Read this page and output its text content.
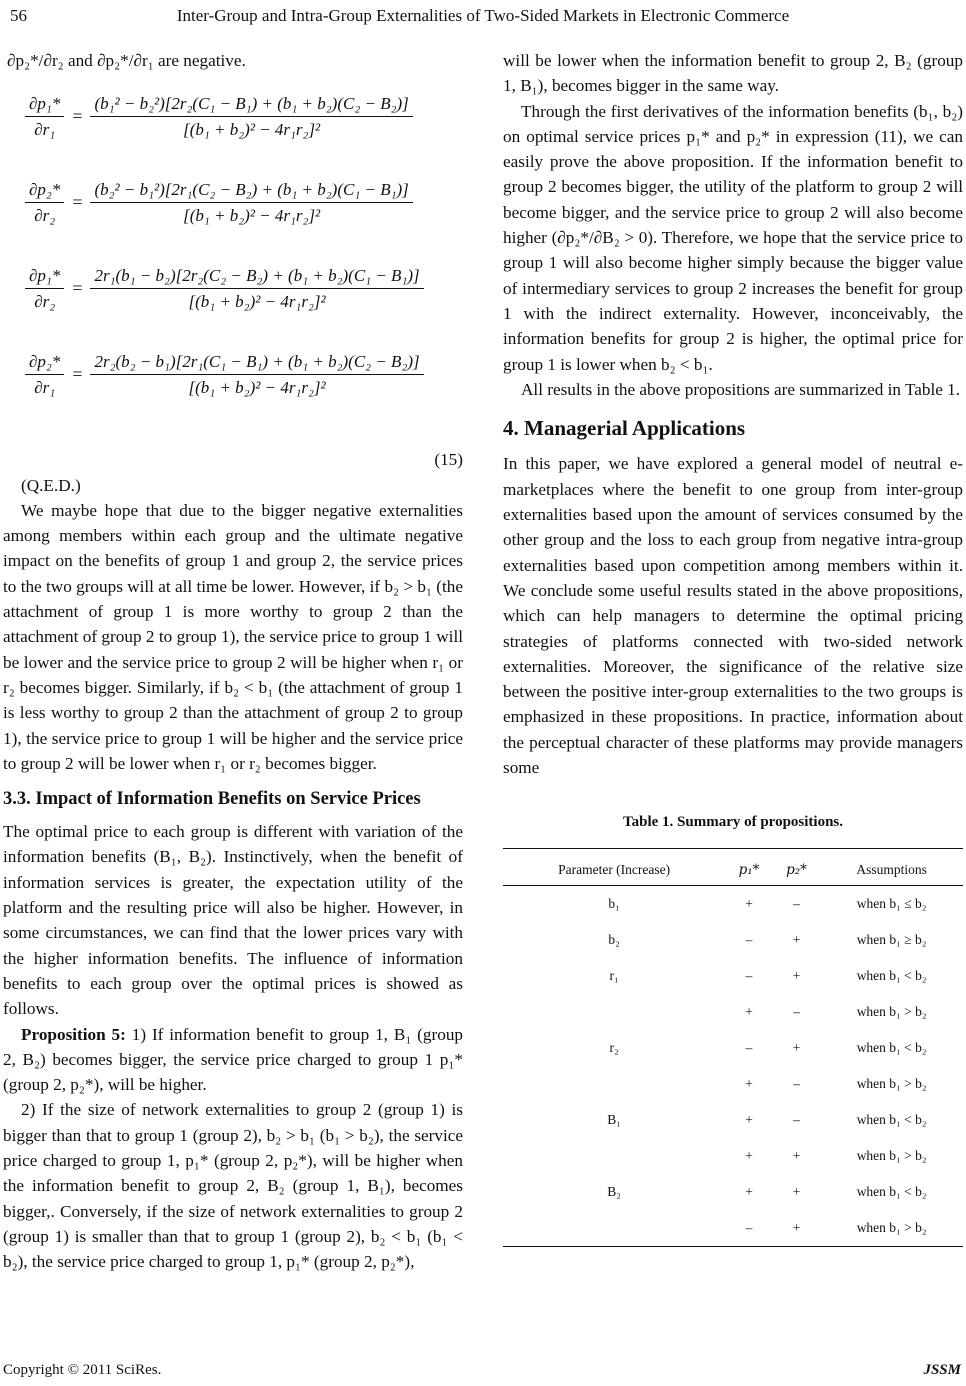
56	Inter-Group and Intra-Group Externalities of Two-Sided Markets in Electronic Commerce

∂p₂*/∂r₂ and ∂p₂*/∂r₁ are negative.

$\frac{\text{∂p₁*}}{\text{∂r₁}} = \frac{\text{(b₁² − b₂²)[2r₂(C₁ − B₁) + (b₁ + b₂)(C₂ − B₂)]}}{\text{[(b₁ + b₂)² − 4r₁r₂]²}}$
$\frac{\text{∂p₂*}}{\text{∂r₂}} = \frac{\text{(b₂² − b₁²)[2r₁(C₂ − B₂) + (b₁ + b₂)(C₁ − B₁)]}}{\text{[(b₁ + b₂)² − 4r₁r₂]²}}$
$\frac{\text{∂p₁*}}{\text{∂r₂}} = \frac{\text{2r₁(b₁ − b₂)[2r₂(C₂ − B₂) + (b₁ + b₂)(C₁ − B₁)]}}{\text{[(b₁ + b₂)² − 4r₁r₂]²}}$
$\frac{\text{∂p₂*}}{\text{∂r₁}} = \frac{\text{2r₂(b₂ − b₁)[2r₁(C₁ − B₁) + (b₁ + b₂)(C₂ − B₂)]}}{\text{[(b₁ + b₂)² − 4r₁r₂]²}}$

(15)

(Q.E.D.)

We maybe hope that due to the bigger negative externalities among members within each group and the ultimate negative impact on the benefits of group 1 and group 2, the service prices to the two groups will at all time be lower. However, if b₂ > b₁ (the attachment of group 1 is more worthy to group 2 than the attachment of group 2 to group 1), the service price to group 1 will be lower and the service price to group 2 will be higher when r₁ or r₂ becomes bigger. Similarly, if b₂ < b₁ (the attachment of group 1 is less worthy to group 2 than the attachment of group 2 to group 1), the service price to group 1 will be higher and the service price to group 2 will be lower when r₁ or r₂ becomes bigger.

3.3. Impact of Information Benefits on Service Prices

The optimal price to each group is different with variation of the information benefits (B₁, B₂). Instinctively, when the benefit of information services is greater, the expectation utility of the platform and the resulting price will also be higher. However, in some circumstances, we can find that the lower prices vary with the higher information benefits. The influence of information benefits to each group over the optimal prices is showed as follows.

Proposition 5: 1) If information benefit to group 1, B₁ (group 2, B₂) becomes bigger, the service price charged to group 1 p₁* (group 2, p₂*), will be higher.

2) If the size of network externalities to group 2 (group 1) is bigger than that to group 1 (group 2), b₂ > b₁ (b₁ > b₂), the service price charged to group 1, p₁* (group 2, p₂*), will be higher when the information benefit to group 2, B₂ (group 1, B₁), becomes bigger,. Conversely, if the size of network externalities to group 2 (group 1) is smaller than that to group 1 (group 2), b₂ < b₁ (b₁ < b₂), the service price charged to group 1, p₁* (group 2, p₂*),

will be lower when the information benefit to group 2, B₂ (group 1, B₁), becomes bigger in the same way.

Through the first derivatives of the information benefits (b₁, b₂) on optimal service prices p₁* and p₂* in expression (11), we can easily prove the above proposition. If the information benefit to group 2 becomes bigger, the utility of the platform to group 2 will become bigger, and the service price to group 2 will also become higher (∂p₂*/∂B₂ > 0). Therefore, we hope that the service price to group 1 will also become higher simply because the bigger value of intermediary services to group 2 increases the benefit for group 1 with the indirect externality. However, inconceivably, the information benefits for group 2 is higher, the optimal price for group 1 is lower when b₂ < b₁.

All results in the above propositions are summarized in Table 1.

4. Managerial Applications

In this paper, we have explored a general model of neutral e-marketplaces where the benefit to one group from inter-group externalities based upon the amount of services consumed by the other group and the loss to each group from negative intra-group externalities based upon competition among members within it. We conclude some useful results stated in the above propositions, which can help managers to determine the optimal pricing strategies of platforms connected with two-sided network externalities. Moreover, the significance of the relative size between the positive inter-group externalities to the two groups is emphasized in these propositions. In practice, information about the perceptual character of these platforms may provide managers some

Table 1. Summary of propositions.
Parameter (Increase)	p₁*	p₂*	Assumptions
b₁	+	–	when b₁ ≤ b₂
b₂	–	+	when b₁ ≥ b₂
r₁	–	+	when b₁ < b₂
	+	–	when b₁ > b₂
r₂	–	+	when b₁ < b₂
	+	–	when b₁ > b₂
B₁	+	–	when b₁ < b₂
	+	+	when b₁ > b₂
B₂	+	+	when b₁ < b₂
	–	+	when b₁ > b₂
Copyright © 2011 SciRes.	JSSM
